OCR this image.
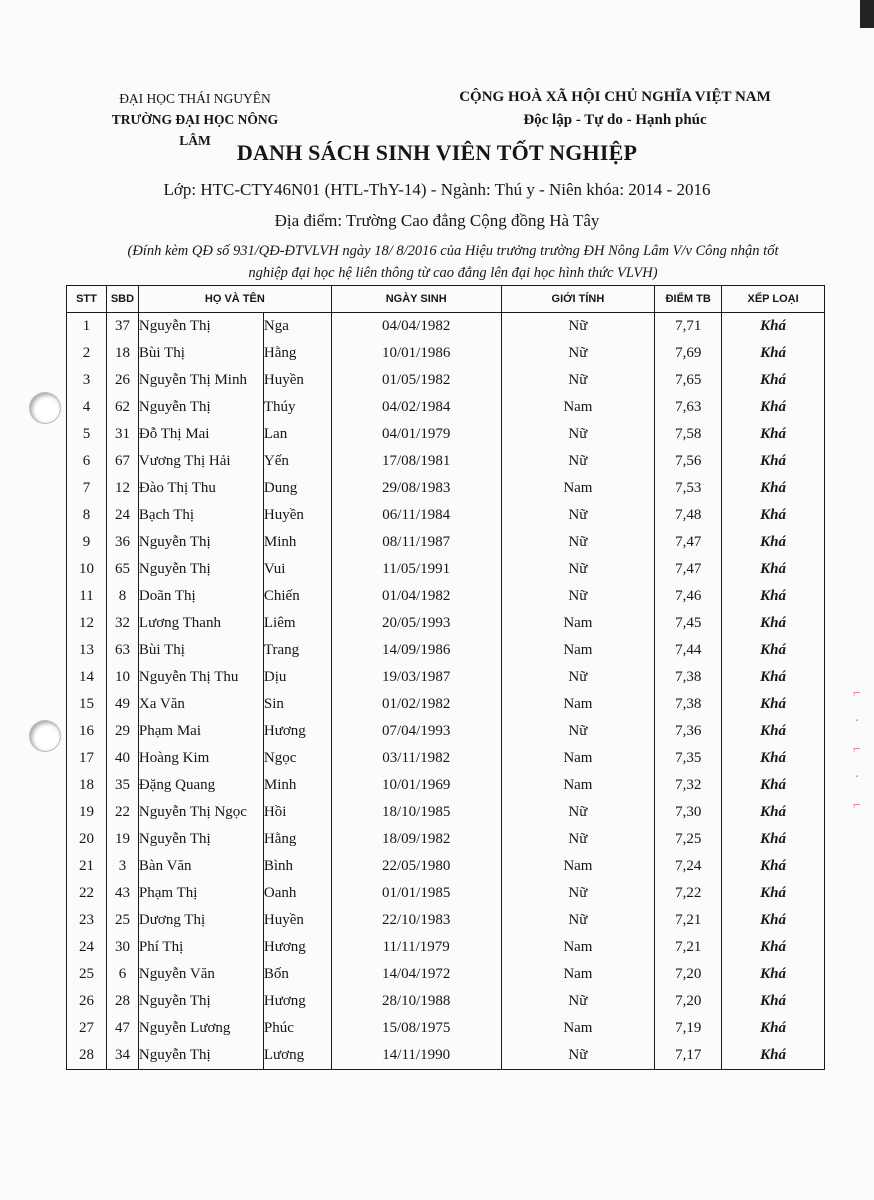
ĐẠI HỌC THÁI NGUYÊN
TRƯỜNG ĐẠI HỌC NÔNG LÂM
CỘNG HOÀ XÃ HỘI CHỦ NGHĨA VIỆT NAM
Độc lập - Tự do - Hạnh phúc
DANH SÁCH SINH VIÊN TỐT NGHIỆP
Lớp: HTC-CTY46N01 (HTL-ThY-14) - Ngành: Thú y - Niên khóa: 2014 - 2016
Địa điểm: Trường Cao đẳng Cộng đồng Hà Tây
(Đính kèm QĐ số 931/QĐ-ĐTVLVH ngày 18/ 8/2016 của Hiệu trưởng trường ĐH Nông Lâm V/v Công nhận tốt nghiệp đại học hệ liên thông từ cao đẳng lên đại học hình thức VLVH)
STT	SBD	HỌ VÀ TÊN		NGÀY SINH	GIỚI TÍNH	ĐIỂM TB	XẾP LOẠI
1	37	Nguyễn Thị	Nga	04/04/1982	Nữ	7,71	Khá
2	18	Bùi Thị	Hằng	10/01/1986	Nữ	7,69	Khá
3	26	Nguyễn Thị Minh	Huyền	01/05/1982	Nữ	7,65	Khá
4	62	Nguyễn Thị	Thúy	04/02/1984	Nam	7,63	Khá
5	31	Đỗ Thị Mai	Lan	04/01/1979	Nữ	7,58	Khá
6	67	Vương Thị Hải	Yến	17/08/1981	Nữ	7,56	Khá
7	12	Đào Thị Thu	Dung	29/08/1983	Nam	7,53	Khá
8	24	Bạch Thị	Huyền	06/11/1984	Nữ	7,48	Khá
9	36	Nguyễn Thị	Minh	08/11/1987	Nữ	7,47	Khá
10	65	Nguyễn Thị	Vui	11/05/1991	Nữ	7,47	Khá
11	8	Doãn Thị	Chiến	01/04/1982	Nữ	7,46	Khá
12	32	Lương Thanh	Liêm	20/05/1993	Nam	7,45	Khá
13	63	Bùi Thị	Trang	14/09/1986	Nam	7,44	Khá
14	10	Nguyễn Thị Thu	Dịu	19/03/1987	Nữ	7,38	Khá
15	49	Xa Văn	Sin	01/02/1982	Nam	7,38	Khá
16	29	Phạm Mai	Hương	07/04/1993	Nữ	7,36	Khá
17	40	Hoàng Kim	Ngọc	03/11/1982	Nam	7,35	Khá
18	35	Đặng Quang	Minh	10/01/1969	Nam	7,32	Khá
19	22	Nguyễn Thị Ngọc	Hồi	18/10/1985	Nữ	7,30	Khá
20	19	Nguyễn Thị	Hằng	18/09/1982	Nữ	7,25	Khá
21	3	Bàn Văn	Bình	22/05/1980	Nam	7,24	Khá
22	43	Phạm Thị	Oanh	01/01/1985	Nữ	7,22	Khá
23	25	Dương Thị	Huyền	22/10/1983	Nữ	7,21	Khá
24	30	Phí Thị	Hương	11/11/1979	Nam	7,21	Khá
25	6	Nguyễn Văn	Bốn	14/04/1972	Nam	7,20	Khá
26	28	Nguyễn Thị	Hương	28/10/1988	Nữ	7,20	Khá
27	47	Nguyễn Lương	Phúc	15/08/1975	Nam	7,19	Khá
28	34	Nguyễn Thị	Lương	14/11/1990	Nữ	7,17	Khá
⌐
·
⌐
·
⌐
